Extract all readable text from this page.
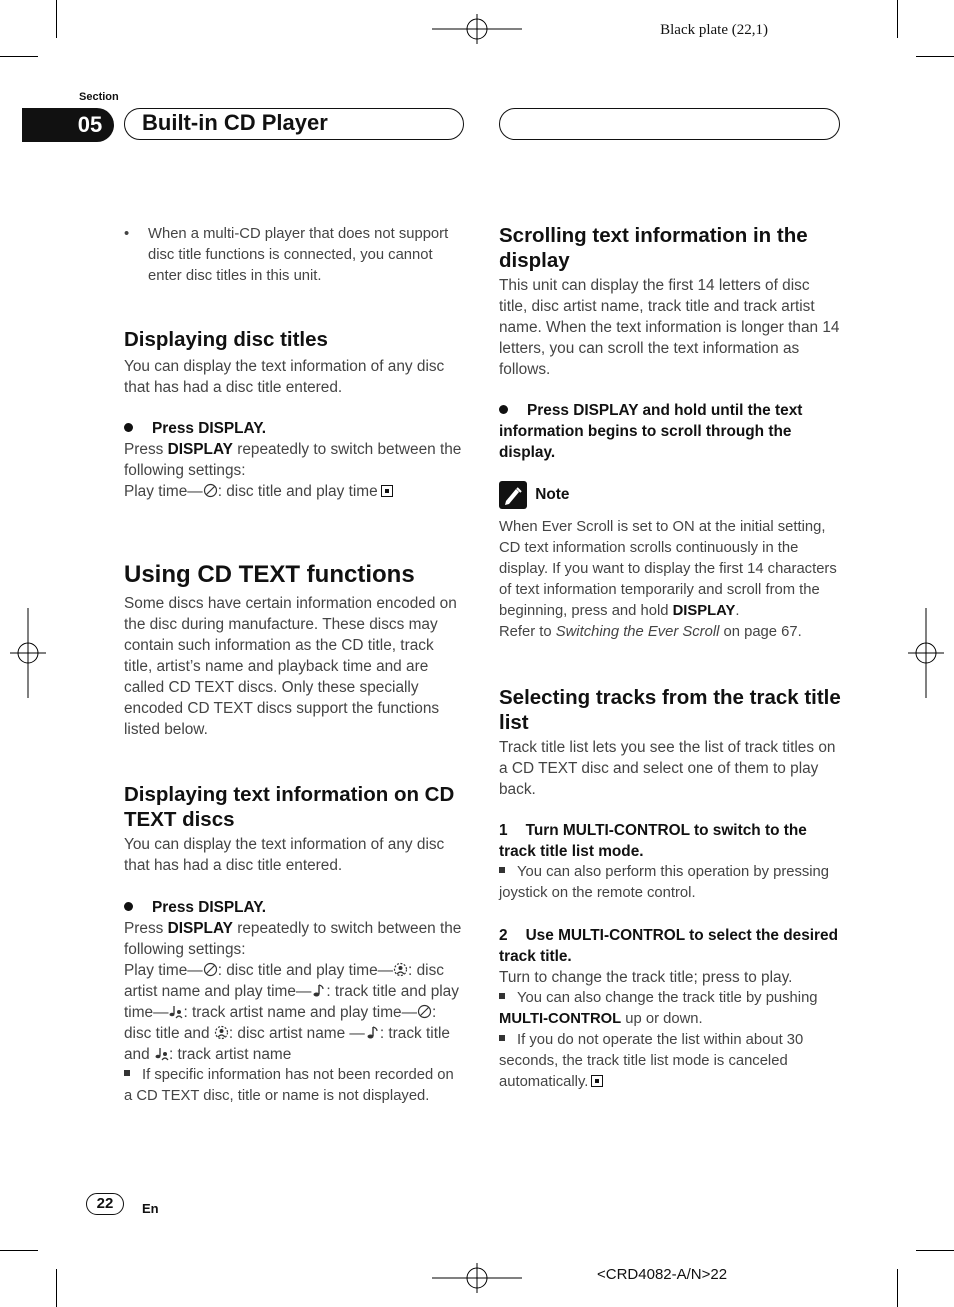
Black plate (22,1)
Section
05	Built-in CD Player

• When a multi-CD player that does not support disc title functions is connected, you cannot enter disc titles in this unit.

Displaying disc titles

You can display the text information of any disc that has had a disc title entered.

Press DISPLAY.

Press DISPLAY repeatedly to switch between the following settings:

Play time— : disc title and play time

Using CD TEXT functions

Some discs have certain information encoded on the disc during manufacture. These discs may contain such information as the CD title, track title, artist’s name and playback time and are called CD TEXT discs. Only these specially encoded CD TEXT discs support the functions listed below.

Displaying text information on CD TEXT discs

You can display the text information of any disc that has had a disc title entered.

Press DISPLAY.

Press DISPLAY repeatedly to switch between the following settings:

Play time— : disc title and play time— : disc artist name and play time— : track title and play time— : track artist name and play time— : disc title and : disc artist name — : track title and : track artist name

If specific information has not been recorded on a CD TEXT disc, title or name is not displayed.

Scrolling text information in the display

This unit can display the first 14 letters of disc title, disc artist name, track title and track artist name. When the text information is longer than 14 letters, you can scroll the text information as follows.

Press DISPLAY and hold until the text information begins to scroll through the display.

Note

When Ever Scroll is set to ON at the initial setting, CD text information scrolls continuously in the display. If you want to display the first 14 characters of text information temporarily and scroll from the beginning, press and hold DISPLAY.

Refer to Switching the Ever Scroll on page 67.

Selecting tracks from the track title list

Track title list lets you see the list of track titles on a CD TEXT disc and select one of them to play back.

1 Turn MULTI-CONTROL to switch to the track title list mode.

You can also perform this operation by pressing joystick on the remote control.

2 Use MULTI-CONTROL to select the desired track title.

Turn to change the track title; press to play.

You can also change the track title by pushing MULTI-CONTROL up or down.

If you do not operate the list within about 30 seconds, the track title list mode is canceled automatically.

22	En
<CRD4082-A/N>22
